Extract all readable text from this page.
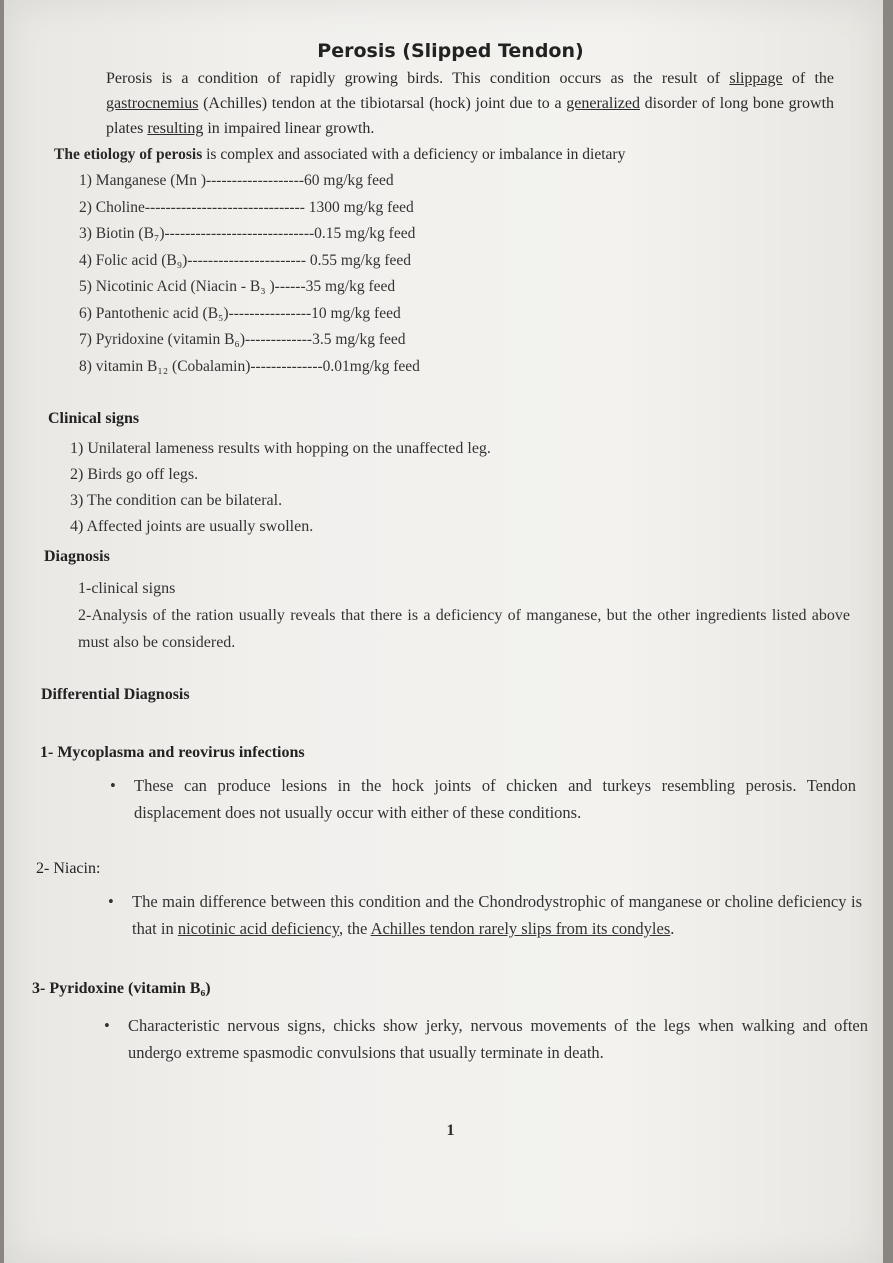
Perosis (Slipped Tendon)
Perosis is a condition of rapidly growing birds. This condition occurs as the result of slippage of the gastrocnemius (Achilles) tendon at the tibiotarsal (hock) joint due to a generalized disorder of long bone growth plates resulting in impaired linear growth.
The etiology of perosis is complex and associated with a deficiency or imbalance in dietary
1) Manganese (Mn )-------------------60 mg/kg feed
2) Choline------------------------------- 1300 mg/kg feed
3) Biotin (B₇)-----------------------------0.15 mg/kg feed
4) Folic acid (B₉)----------------------- 0.55 mg/kg feed
5) Nicotinic Acid (Niacin - B₃ )------35 mg/kg feed
6) Pantothenic acid (B₅)----------------10 mg/kg feed
7) Pyridoxine (vitamin B₆)-------------3.5 mg/kg feed
8) vitamin B₁₂ (Cobalamin)--------------0.01mg/kg feed
Clinical signs
1) Unilateral lameness results with hopping on the unaffected leg.
2) Birds go off legs.
3) The condition can be bilateral.
4) Affected joints are usually swollen.
Diagnosis

1-clinical signs

2-Analysis of the ration usually reveals that there is a deficiency of manganese, but the other ingredients listed above must also be considered.

Differential Diagnosis
1- Mycoplasma and reovirus infections
• These can produce lesions in the hock joints of chicken and turkeys resembling perosis. Tendon displacement does not usually occur with either of these conditions.
2- Niacin:
• The main difference between this condition and the Chondrodystrophic of manganese or choline deficiency is that in nicotinic acid deficiency, the Achilles tendon rarely slips from its condyles.
3- Pyridoxine (vitamin B₆)
• Characteristic nervous signs, chicks show jerky, nervous movements of the legs when walking and often undergo extreme spasmodic convulsions that usually terminate in death.
1
